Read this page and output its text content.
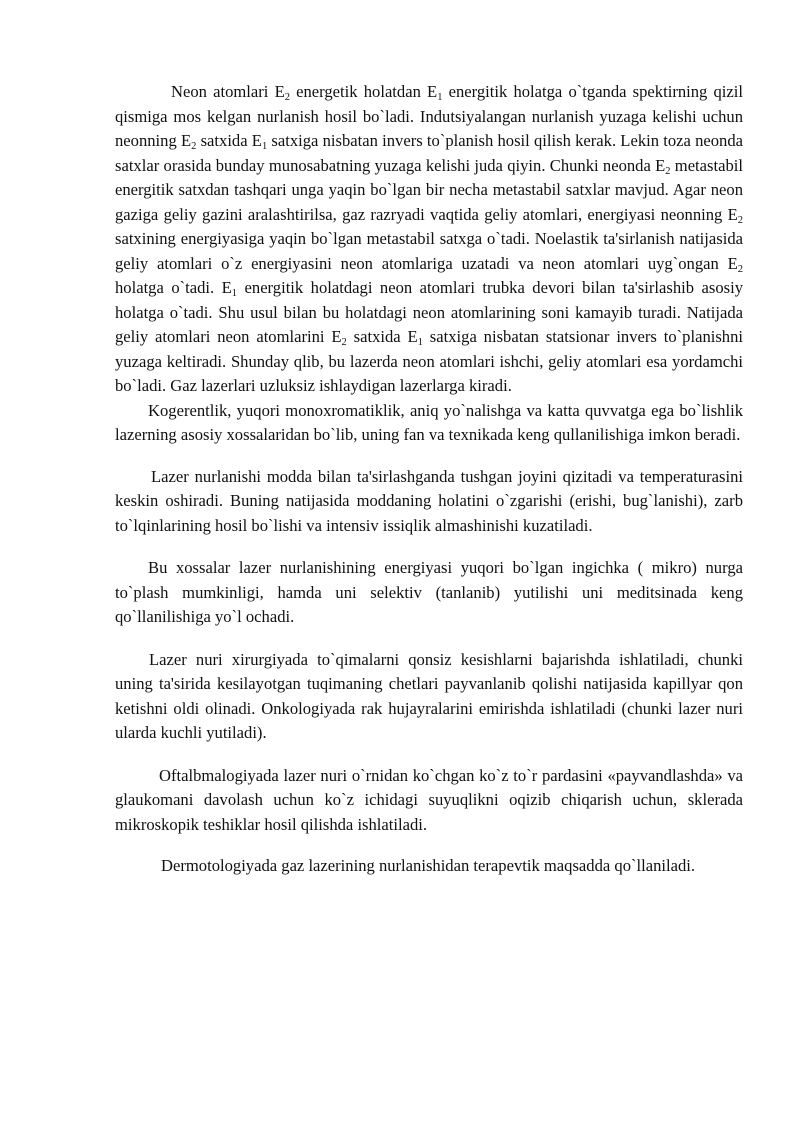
Neon atomlari $E_2$ energetik holatdan $E_1$ energitik holatga o`tganda spektirning qizil qismiga mos kelgan nurlanish hosil bo`ladi. Indutsiyalangan nurlanish yuzaga kelishi uchun neonning $E_2$ satxida $E_1$ satxiga nisbatan invers to`planish hosil qilish kerak. Lekin toza neonda satxlar orasida bunday munosabatning yuzaga kelishi juda qiyin. Chunki neonda $E_2$ metastabil energitik satxdan tashqari unga yaqin bo`lgan bir necha metastabil satxlar mavjud. Agar neon gaziga geliy gazini aralashtirilsa, gaz razryadi vaqtida geliy atomlari, energiyasi neonning $E_2$ satxining energiyasiga yaqin bo`lgan metastabil satxga o`tadi. Noelastik ta'sirlanish natijasida geliy atomlari o`z energiyasini neon atomlariga uzatadi va neon atomlari uyg`ongan $E_2$ holatga o`tadi. $E_1$ energitik holatdagi neon atomlari trubka devori bilan ta'sirlashib asosiy holatga o`tadi. Shu usul bilan bu holatdagi neon atomlarining soni kamayib turadi. Natijada geliy atomlari neon atomlarini $E_2$ satxida $E_1$ satxiga nisbatan statsionar invers to`planishni yuzaga keltiradi. Shunday qlib, bu lazerda neon atomlari ishchi, geliy atomlari esa yordamchi bo`ladi. Gaz lazerlari uzluksiz ishlaydigan lazerlarga kiradi.

Kogerentlik, yuqori monoxromatiklik, aniq yo`nalishga va katta quvvatga ega bo`lishlik lazerning asosiy xossalaridan bo`lib, uning fan va texnikada keng qullanilishiga imkon beradi.

Lazer nurlanishi modda bilan ta'sirlashganda tushgan joyini qizitadi va temperaturasini keskin oshiradi. Buning natijasida moddaning holatini o`zgarishi (erishi, bug`lanishi), zarb to`lqinlarining hosil bo`lishi va intensiv issiqlik almashinishi kuzatiladi.

Bu xossalar lazer nurlanishining energiyasi yuqori bo`lgan ingichka ( mikro) nurga to`plash mumkinligi, hamda uni selektiv (tanlanib) yutilishi uni meditsinada keng qo`llanilishiga yo`l ochadi.

Lazer nuri xirurgiyada to`qimalarni qonsiz kesishlarni bajarishda ishlatiladi, chunki uning ta'sirida kesilayotgan tuqimaning chetlari payvanlanib qolishi natijasida kapillyar qon ketishni oldi olinadi. Onkologiyada rak hujayralarini emirishda ishlatiladi (chunki lazer nuri ularda kuchli yutiladi).

Oftalbmalogiyada lazer nuri o`rnidan ko`chgan ko`z to`r pardasini «payvandlashda» va glaukomani davolash uchun ko`z ichidagi suyuqlikni oqizib chiqarish uchun, sklerada mikroskopik teshiklar hosil qilishda ishlatiladi.

Dermotologiyada gaz lazerining nurlanishidan terapevtik maqsadda qo`llaniladi.
